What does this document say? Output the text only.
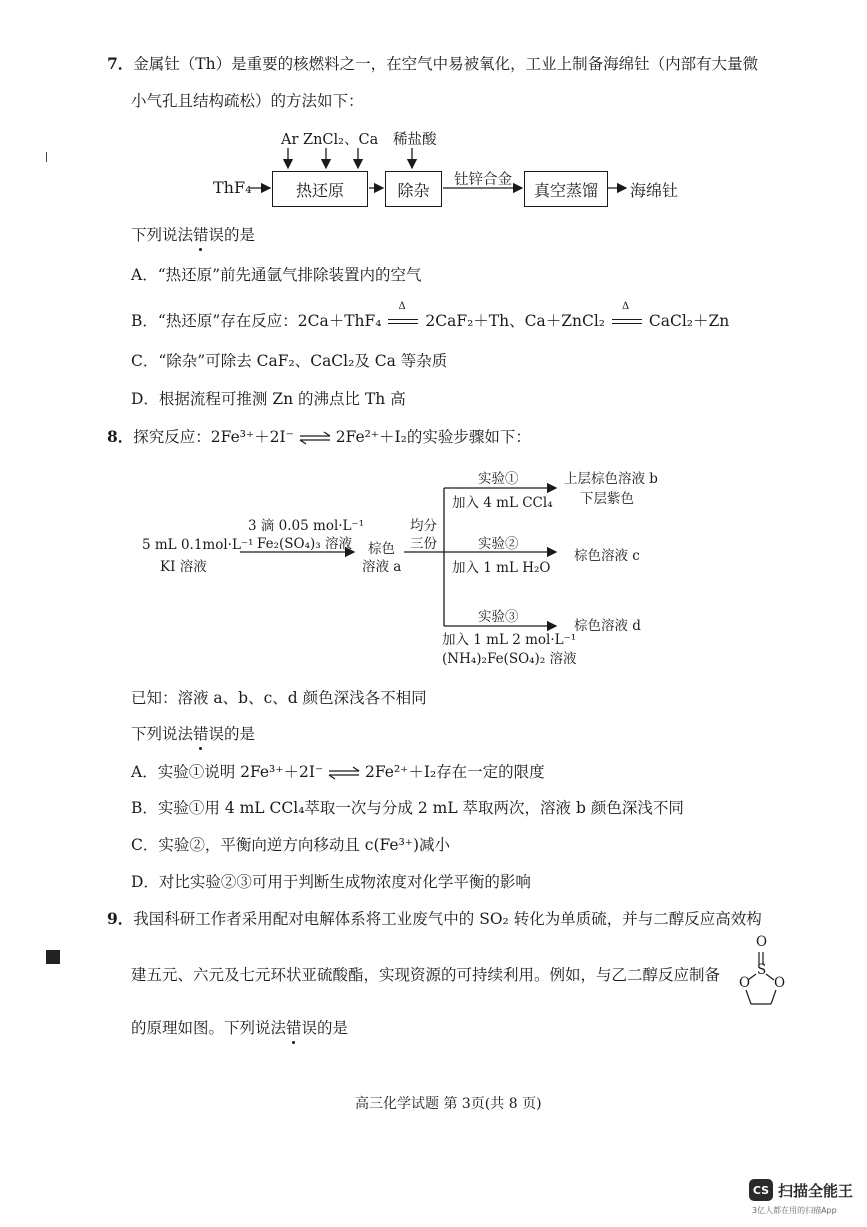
7．金属钍（Th）是重要的核燃料之一，在空气中易被氧化，工业上制备海绵钍（内部有大量微
小气孔且结构疏松）的方法如下：
Ar ZnCl₂、Ca 稀盐酸
ThF₄	热还原	除杂
钍锌合金
真空蒸馏	海绵钍
下列说法错误的是
A．“热还原”前先通氩气排除装置内的空气
B．“热还原”存在反应：2Ca＋ThF₄
Δ
2CaF₂＋Th、Ca＋ZnCl₂
Δ
CaCl₂＋Zn
C．“除杂”可除去 CaF₂、CaCl₂及 Ca 等杂质
D．根据流程可推测 Zn 的沸点比 Th 高
8．探究反应：2Fe³⁺＋2I⁻ ⇌ 2Fe²⁺＋I₂的实验步骤如下：
5 mL 0.1mol·L⁻¹
KI 溶液
3 滴 0.05 mol·L⁻¹
Fe₂(SO₄)₃ 溶液 棕色
溶液 a
均分
三份
实验①
加入 4 mL CCl₄
上层棕色溶液 b
下层紫色
实验②
加入 1 mL H₂O
棕色溶液 c
实验③
加入 1 mL 2 mol·L⁻¹
(NH₄)₂Fe(SO₄)₂ 溶液
棕色溶液 d
已知：溶液 a、b、c、d 颜色深浅各不相同
下列说法错误的是
A．实验①说明 2Fe³⁺＋2I⁻ ⇌ 2Fe²⁺＋I₂存在一定的限度
B．实验①用 4 mL CCl₄萃取一次与分成 2 mL 萃取两次，溶液 b 颜色深浅不同
C．实验②，平衡向逆方向移动且 c(Fe³⁺)减小
D．对比实验②③可用于判断生成物浓度对化学平衡的影响
9．我国科研工作者采用配对电解体系将工业废气中的 SO₂ 转化为单质硫，并与二醇反应高效构
建五元、六元及七元环状亚硫酸酯，实现资源的可持续利用。例如，与乙二醇反应制备
O
S
O O
的原理如图。下列说法错误的是
高三化学试题 第 3页(共 8 页)
CS 扫描全能王
3亿人都在用的扫描App
